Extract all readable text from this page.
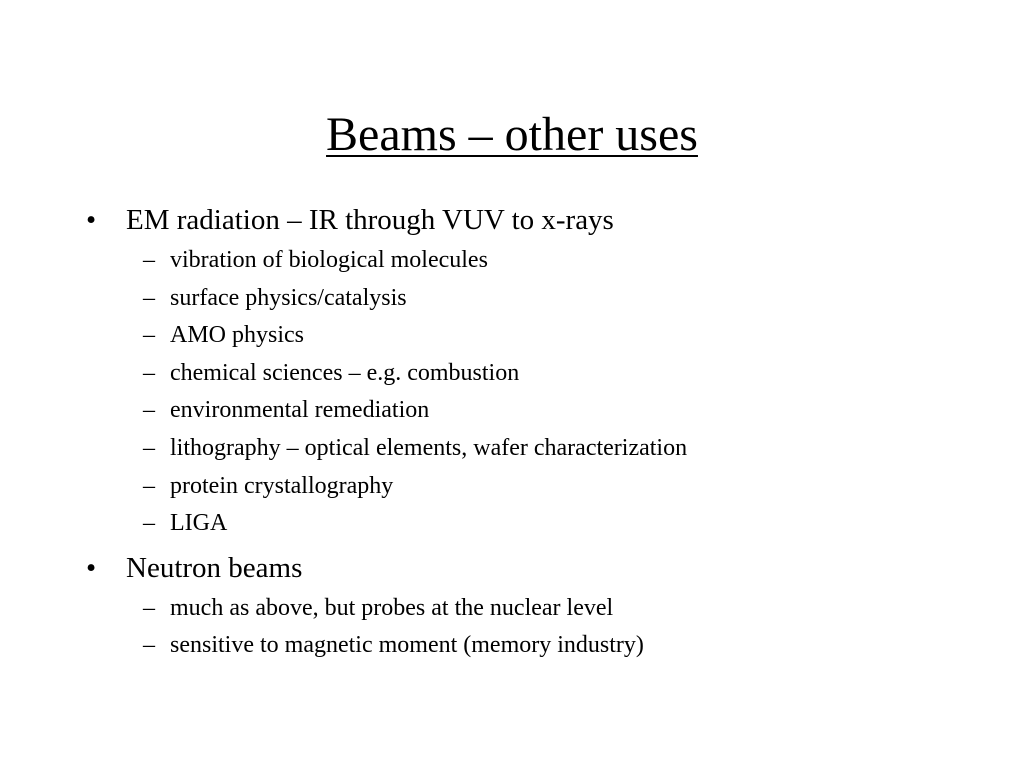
Beams – other uses
•	EM radiation – IR through VUV to x-rays
– vibration of biological molecules
– surface physics/catalysis
– AMO physics
– chemical sciences – e.g. combustion
– environmental remediation
– lithography – optical elements, wafer characterization
– protein crystallography
– LIGA
•	Neutron beams
– much as above, but probes at the nuclear level
– sensitive to magnetic moment (memory industry)
